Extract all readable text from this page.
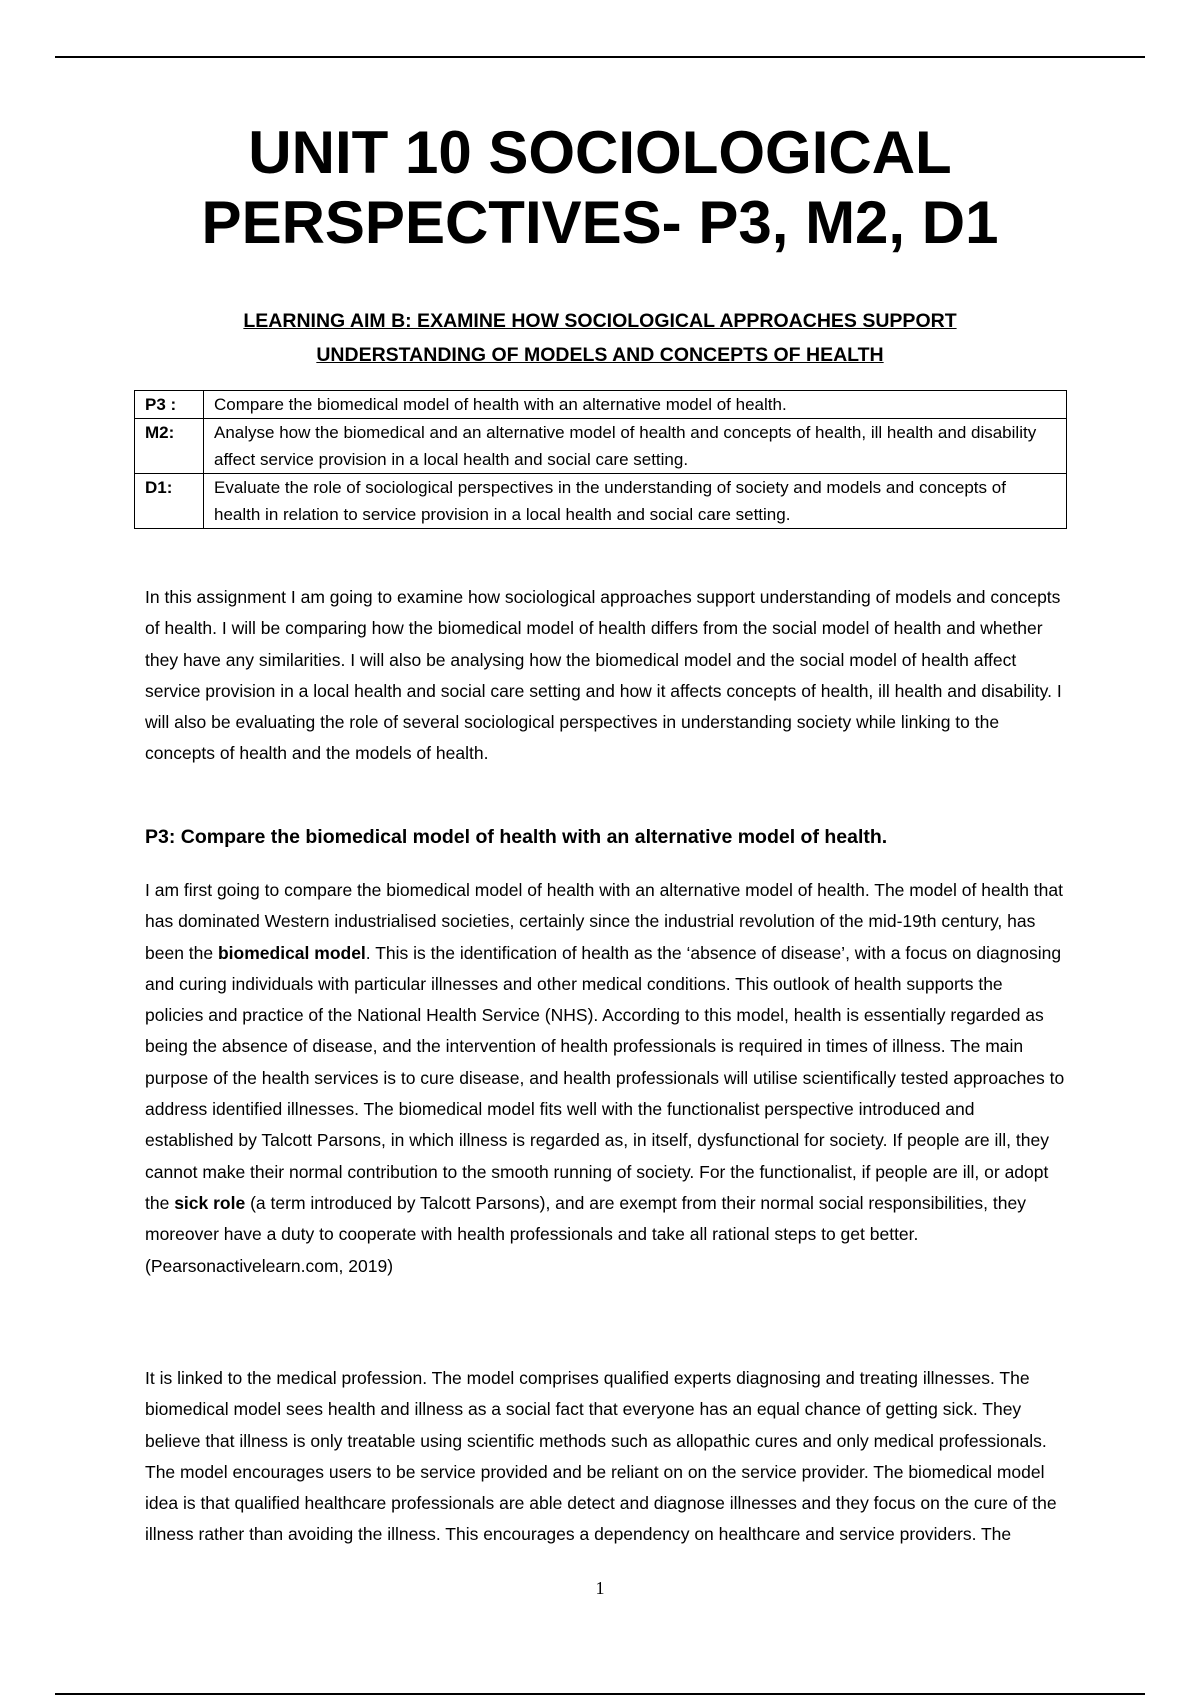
UNIT 10 SOCIOLOGICAL
PERSPECTIVES- P3, M2, D1
LEARNING AIM B: EXAMINE HOW SOCIOLOGICAL APPROACHES SUPPORT
UNDERSTANDING OF MODELS AND CONCEPTS OF HEALTH
P3 :	Compare the biomedical model of health with an alternative model of health.
M2:	Analyse how the biomedical and an alternative model of health and concepts of health, ill health and disability affect service provision in a local health and social care setting.
D1:	Evaluate the role of sociological perspectives in the understanding of society and models and concepts of health in relation to service provision in a local health and social care setting.

In this assignment I am going to examine how sociological approaches support understanding of models and concepts of health. I will be comparing how the biomedical model of health differs from the social model of health and whether they have any similarities. I will also be analysing how the biomedical model and the social model of health affect service provision in a local health and social care setting and how it affects concepts of health, ill health and disability. I will also be evaluating the role of several sociological perspectives in understanding society while linking to the concepts of health and the models of health.

P3: Compare the biomedical model of health with an alternative model of health.

I am first going to compare the biomedical model of health with an alternative model of health. The model of health that has dominated Western industrialised societies, certainly since the industrial revolution of the mid-19th century, has been the biomedical model. This is the identification of health as the ‘absence of disease’, with a focus on diagnosing and curing individuals with particular illnesses and other medical conditions. This outlook of health supports the policies and practice of the National Health Service (NHS). According to this model, health is essentially regarded as being the absence of disease, and the intervention of health professionals is required in times of illness. The main purpose of the health services is to cure disease, and health professionals will utilise scientifically tested approaches to address identified illnesses. The biomedical model fits well with the functionalist perspective introduced and established by Talcott Parsons, in which illness is regarded as, in itself, dysfunctional for society. If people are ill, they cannot make their normal contribution to the smooth running of society. For the functionalist, if people are ill, or adopt the sick role (a term introduced by Talcott Parsons), and are exempt from their normal social responsibilities, they moreover have a duty to cooperate with health professionals and take all rational steps to get better. (Pearsonactivelearn.com, 2019)

It is linked to the medical profession. The model comprises qualified experts diagnosing and treating illnesses. The biomedical model sees health and illness as a social fact that everyone has an equal chance of getting sick. They believe that illness is only treatable using scientific methods such as allopathic cures and only medical professionals. The model encourages users to be service provided and be reliant on on the service provider. The biomedical model idea is that qualified healthcare professionals are able detect and diagnose illnesses and they focus on the cure of the illness rather than avoiding the illness. This encourages a dependency on healthcare and service providers. The

1
